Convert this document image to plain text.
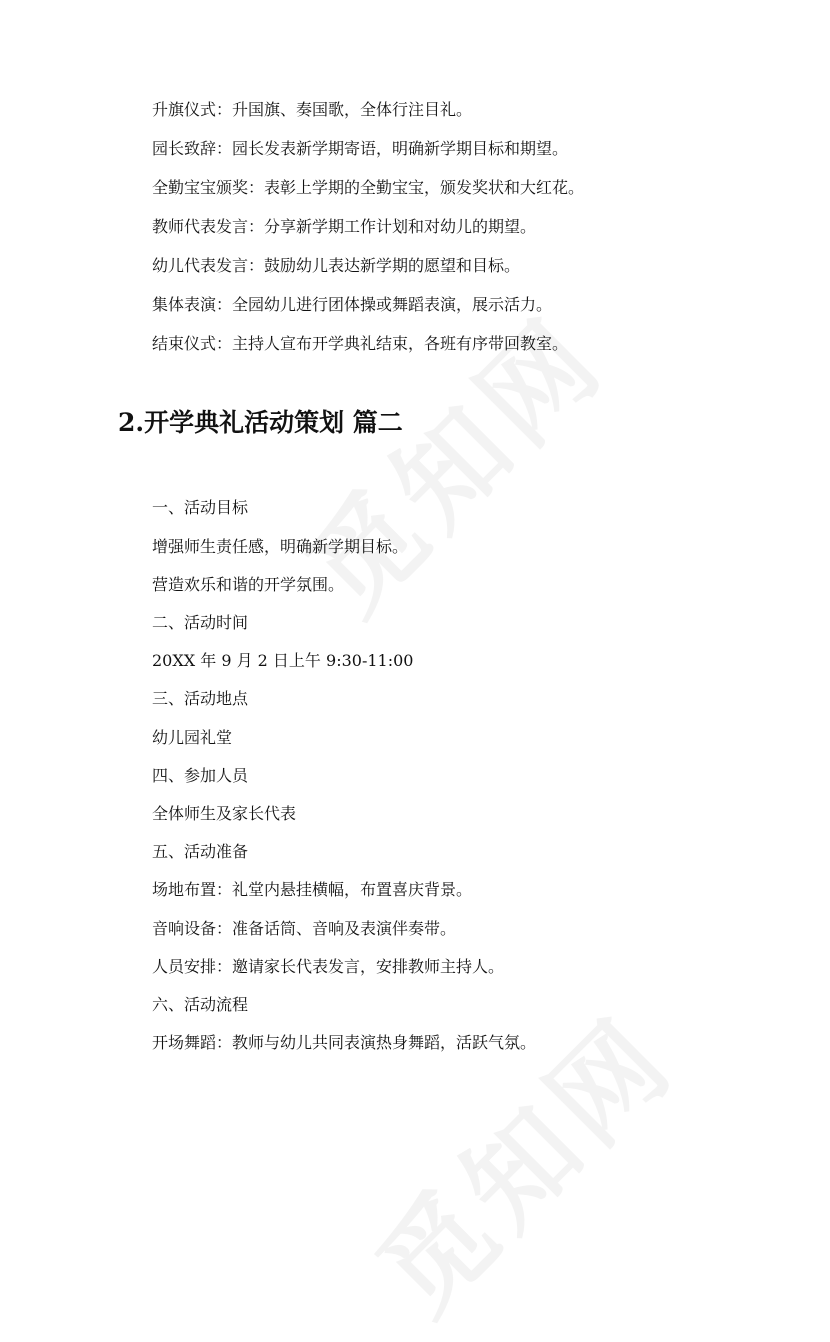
升旗仪式：升国旗、奏国歌，全体行注目礼。
园长致辞：园长发表新学期寄语，明确新学期目标和期望。
全勤宝宝颁奖：表彰上学期的全勤宝宝，颁发奖状和大红花。
教师代表发言：分享新学期工作计划和对幼儿的期望。
幼儿代表发言：鼓励幼儿表达新学期的愿望和目标。
集体表演：全园幼儿进行团体操或舞蹈表演，展示活力。
结束仪式：主持人宣布开学典礼结束，各班有序带回教室。
2.开学典礼活动策划 篇二
一、活动目标
增强师生责任感，明确新学期目标。
营造欢乐和谐的开学氛围。
二、活动时间
20XX 年 9 月 2 日上午 9:30-11:00
三、活动地点
幼儿园礼堂
四、参加人员
全体师生及家长代表
五、活动准备
场地布置：礼堂内悬挂横幅，布置喜庆背景。
音响设备：准备话筒、音响及表演伴奏带。
人员安排：邀请家长代表发言，安排教师主持人。
六、活动流程
开场舞蹈：教师与幼儿共同表演热身舞蹈，活跃气氛。
